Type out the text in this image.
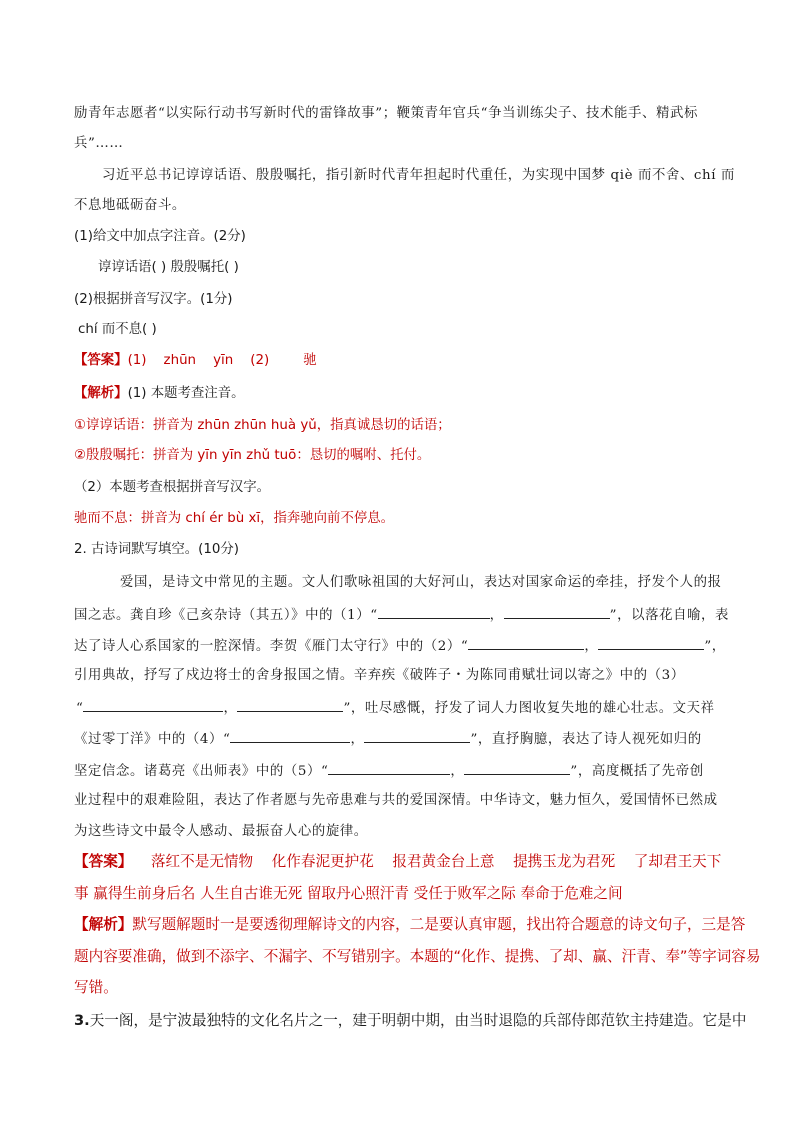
励青年志愿者“以实际行动书写新时代的雷锋故事”；鞭策青年官兵“争当训练尖子、技术能手、精武标
兵”……
习近平总书记谆谆话语、殷殷嘱托，指引新时代青年担起时代重任，为实现中国梦 qiè 而不舍、chí 而
不息地砥砺奋斗。
(1)给文中加点字注音。(2分)
谆谆话语( ) 殷殷嘱托( )
(2)根据拼音写汉字。(1分)
chí 而不息( )
【答案】(1)    zhūn    yīn    (2)        驰
【解析】(1) 本题考查注音。
①谆谆话语：拼音为 zhūn zhūn huà yǔ，指真诚恳切的话语；
②殷殷嘱托：拼音为 yīn yīn zhǔ tuō：恳切的嘱咐、托付。
（2）本题考查根据拼音写汉字。
驰而不息：拼音为 chí ér bù xī，指奔驰向前不停息。
2. 古诗词默写填空。(10分)
爱国，是诗文中常见的主题。文人们歌咏祖国的大好河山，表达对国家命运的牵挂，抒发个人的报
国之志。龚自珍《己亥杂诗（其五）》中的（1）“	，	”，以落花自喻，表
达了诗人心系国家的一腔深情。李贺《雁门太守行》中的（2）“	，	”，
引用典故，抒写了戍边将士的舍身报国之情。辛弃疾《破阵子・为陈同甫赋壮词以寄之》中的（3）
“	，	”，吐尽感慨，抒发了词人力图收复失地的雄心壮志。文天祥
《过零丁洋》中的（4）“	，	”，直抒胸臆，表达了诗人视死如归的
坚定信念。诸葛亮《出师表》中的（5）“	，	”，高度概括了先帝创
业过程中的艰难险阻，表达了作者愿与先帝患难与共的爱国深情。中华诗文，魅力恒久，爱国情怀已然成
为这些诗文中最令人感动、最振奋人心的旋律。
【答案】    落红不是无情物    化作春泥更护花    报君黄金台上意    提携玉龙为君死    了却君王天下
事 赢得生前身后名 人生自古谁无死 留取丹心照汗青 受任于败军之际 奉命于危难之间
【解析】默写题解题时一是要透彻理解诗文的内容，二是要认真审题，找出符合题意的诗文句子，三是答
题内容要准确，做到不添字、不漏字、不写错别字。本题的“化作、提携、了却、赢、汗青、奉”等字词容易
写错。
3.天一阁，是宁波最独特的文化名片之一，建于明朝中期，由当时退隐的兵部侍郎范钦主持建造。它是中
